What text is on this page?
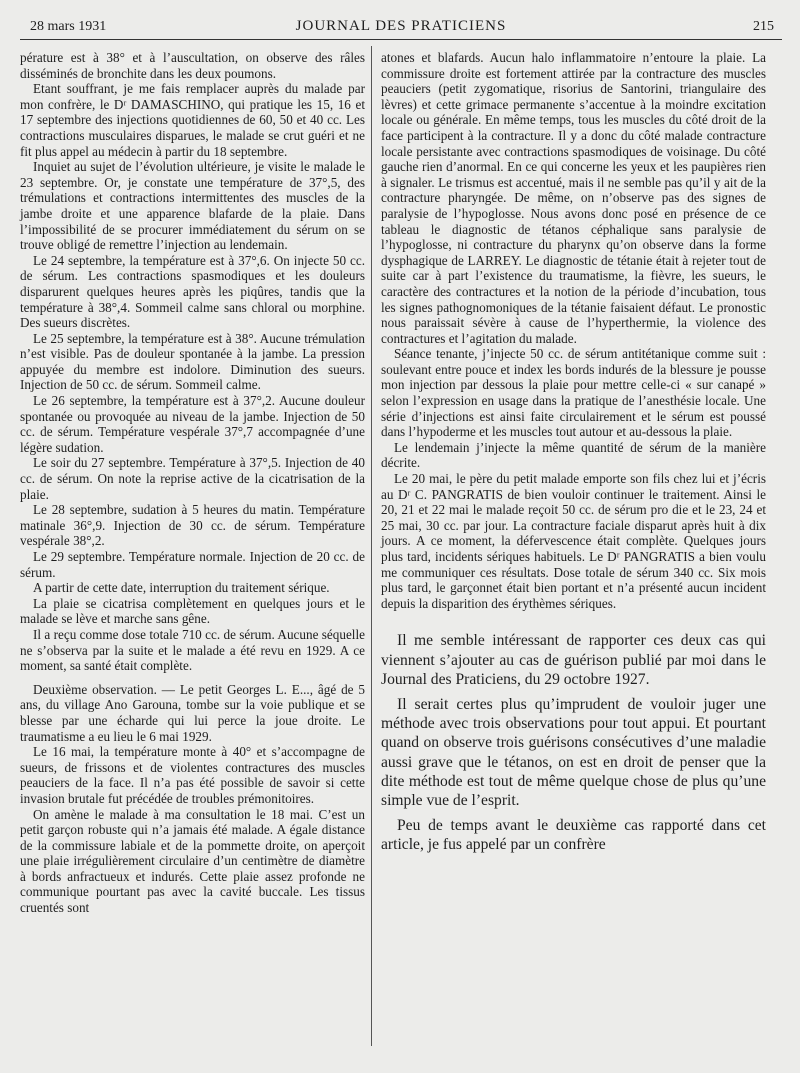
28 mars 1931	JOURNAL DES PRATICIENS	215

pérature est à 38° et à l’auscultation, on observe des râles disséminés de bronchite dans les deux poumons.

Etant souffrant, je me fais remplacer auprès du malade par mon confrère, le Dʳ DAMASCHINO, qui pratique les 15, 16 et 17 septembre des injections quotidiennes de 60, 50 et 40 cc. Les contractions musculaires disparues, le malade se crut guéri et ne fit plus appel au médecin à partir du 18 septembre.

Inquiet au sujet de l’évolution ultérieure, je visite le malade le 23 septembre. Or, je constate une température de 37°,5, des trémulations et contractions intermittentes des muscles de la jambe droite et une apparence blafarde de la plaie. Dans l’impossibilité de se procurer immédiatement du sérum on se trouve obligé de remettre l’injection au lendemain.

Le 24 septembre, la température est à 37°,6. On injecte 50 cc. de sérum. Les contractions spasmodiques et les douleurs disparurent quelques heures après les piqûres, tandis que la température à 38°,4. Sommeil calme sans chloral ou morphine. Des sueurs discrètes.

Le 25 septembre, la température est à 38°. Aucune trémulation n’est visible. Pas de douleur spontanée à la jambe. La pression appuyée du membre est indolore. Diminution des sueurs. Injection de 50 cc. de sérum. Sommeil calme.

Le 26 septembre, la température est à 37°,2. Aucune douleur spontanée ou provoquée au niveau de la jambe. Injection de 50 cc. de sérum. Température vespérale 37°,7 accompagnée d’une légère sudation.

Le soir du 27 septembre. Température à 37°,5. Injection de 40 cc. de sérum. On note la reprise active de la cicatrisation de la plaie.

Le 28 septembre, sudation à 5 heures du matin. Température matinale 36°,9. Injection de 30 cc. de sérum. Température vespérale 38°,2.

Le 29 septembre. Température normale. Injection de 20 cc. de sérum.

A partir de cette date, interruption du traitement sérique.

La plaie se cicatrisa complètement en quelques jours et le malade se lève et marche sans gêne.

Il a reçu comme dose totale 710 cc. de sérum. Aucune séquelle ne s’observa par la suite et le malade a été revu en 1929. A ce moment, sa santé était complète.

Deuxième observation. — Le petit Georges L. E..., âgé de 5 ans, du village Ano Garouna, tombe sur la voie publique et se blesse par une écharde qui lui perce la joue droite. Le traumatisme a eu lieu le 6 mai 1929.

Le 16 mai, la température monte à 40° et s’accompagne de sueurs, de frissons et de violentes contractures des muscles peauciers de la face. Il n’a pas été possible de savoir si cette invasion brutale fut précédée de troubles prémonitoires.

On amène le malade à ma consultation le 18 mai. C’est un petit garçon robuste qui n’a jamais été malade. A égale distance de la commissure labiale et de la pommette droite, on aperçoit une plaie irrégulièrement circulaire d’un centimètre de diamètre à bords anfractueux et indurés. Cette plaie assez profonde ne communique pourtant pas avec la cavité buccale. Les tissus cruentés sont

atones et blafards. Aucun halo inflammatoire n’entoure la plaie. La commissure droite est fortement attirée par la contracture des muscles peauciers (petit zygomatique, risorius de Santorini, triangulaire des lèvres) et cette grimace permanente s’accentue à la moindre excitation locale ou générale. En même temps, tous les muscles du côté droit de la face participent à la contracture. Il y a donc du côté malade contracture locale persistante avec contractions spasmodiques de voisinage. Du côté gauche rien d’anormal. En ce qui concerne les yeux et les paupières rien à signaler. Le trismus est accentué, mais il ne semble pas qu’il y ait de la contracture pharyngée. De même, on n’observe pas des signes de paralysie de l’hypoglosse. Nous avons donc posé en présence de ce tableau le diagnostic de tétanos céphalique sans paralysie de l’hypoglosse, ni contracture du pharynx qu’on observe dans la forme dysphagique de LARREY. Le diagnostic de tétanie était à rejeter tout de suite car à part l’existence du traumatisme, la fièvre, les sueurs, le caractère des contractures et la notion de la période d’incubation, tous les signes pathognomoniques de la tétanie faisaient défaut. Le pronostic nous paraissait sévère à cause de l’hyperthermie, la violence des contractures et l’agitation du malade.

Séance tenante, j’injecte 50 cc. de sérum antitétanique comme suit : soulevant entre pouce et index les bords indurés de la blessure je pousse mon injection par dessous la plaie pour mettre celle-ci « sur canapé » selon l’expression en usage dans la pratique de l’anesthésie locale. Une série d’injections est ainsi faite circulairement et le sérum est poussé dans l’hypoderme et les muscles tout autour et au-dessous la plaie.

Le lendemain j’injecte la même quantité de sérum de la manière décrite.

Le 20 mai, le père du petit malade emporte son fils chez lui et j’écris au Dʳ C. PANGRATIS de bien vouloir continuer le traitement. Ainsi le 20, 21 et 22 mai le malade reçoit 50 cc. de sérum pro die et le 23, 24 et 25 mai, 30 cc. par jour. La contracture faciale disparut après huit à dix jours. A ce moment, la défervescence était complète. Quelques jours plus tard, incidents sériques habituels. Le Dʳ PANGRATIS a bien voulu me communiquer ces résultats. Dose totale de sérum 340 cc. Six mois plus tard, le garçonnet était bien portant et n’a présenté aucun incident depuis la disparition des érythèmes sériques.

Il me semble intéressant de rapporter ces deux cas qui viennent s’ajouter au cas de guérison publié par moi dans le Journal des Praticiens, du 29 octobre 1927.

Il serait certes plus qu’imprudent de vouloir juger une méthode avec trois observations pour tout appui. Et pourtant quand on observe trois guérisons consécutives d’une maladie aussi grave que le tétanos, on est en droit de penser que la dite méthode est tout de même quelque chose de plus qu’une simple vue de l’esprit.

Peu de temps avant le deuxième cas rapporté dans cet article, je fus appelé par un confrère
